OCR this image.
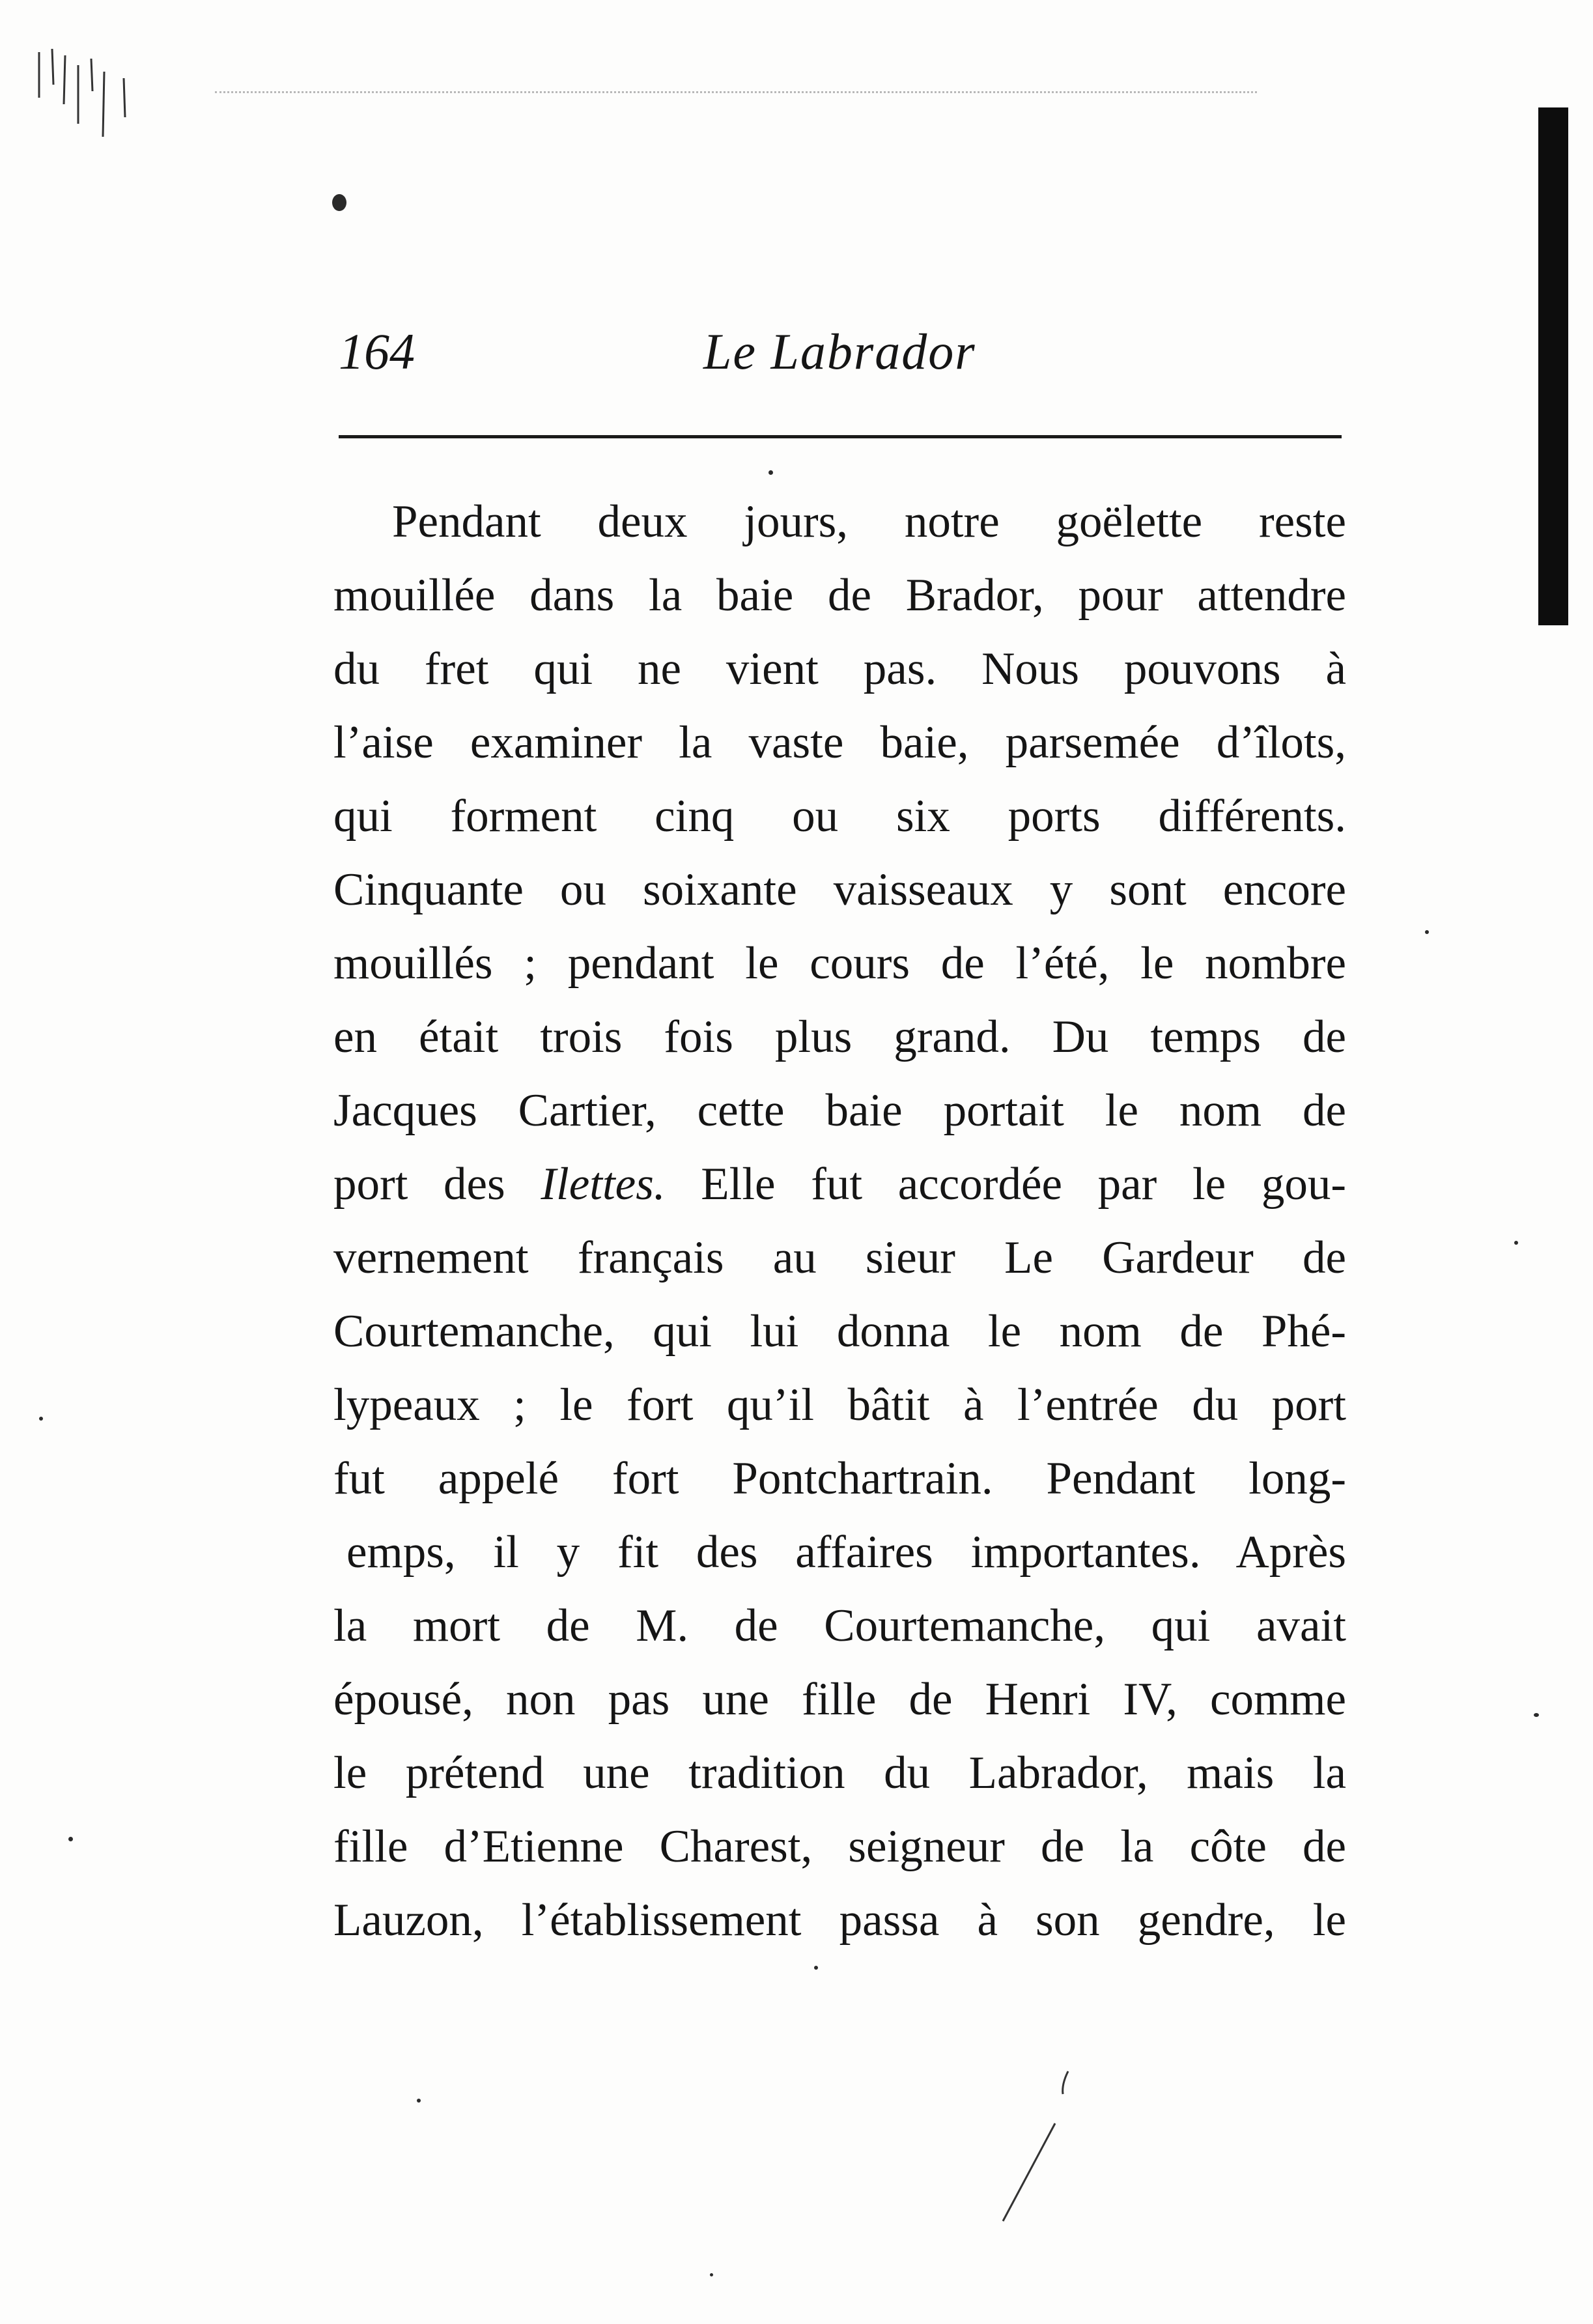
164	Le Labrador
Pendant deux jours, notre goëlette reste
mouillée dans la baie de Brador, pour attendre
du fret qui ne vient pas. Nous pouvons à
l’aise examiner la vaste baie, parsemée d’îlots,
qui forment cinq ou six ports différents.
Cinquante ou soixante vaisseaux y sont encore
mouillés ; pendant le cours de l’été, le nombre
en était trois fois plus grand. Du temps de
Jacques Cartier, cette baie portait le nom de
port des Ilettes. Elle fut accordée par le gou-
vernement français au sieur Le Gardeur de
Courtemanche, qui lui donna le nom de Phé-
lypeaux ; le fort qu’il bâtit à l’entrée du port
fut appelé fort Pontchartrain. Pendant long-
emps, il y fit des affaires importantes. Après
la mort de M. de Courtemanche, qui avait
épousé, non pas une fille de Henri IV, comme
le prétend une tradition du Labrador, mais la
fille d’Etienne Charest, seigneur de la côte de
Lauzon, l’établissement passa à son gendre, le
